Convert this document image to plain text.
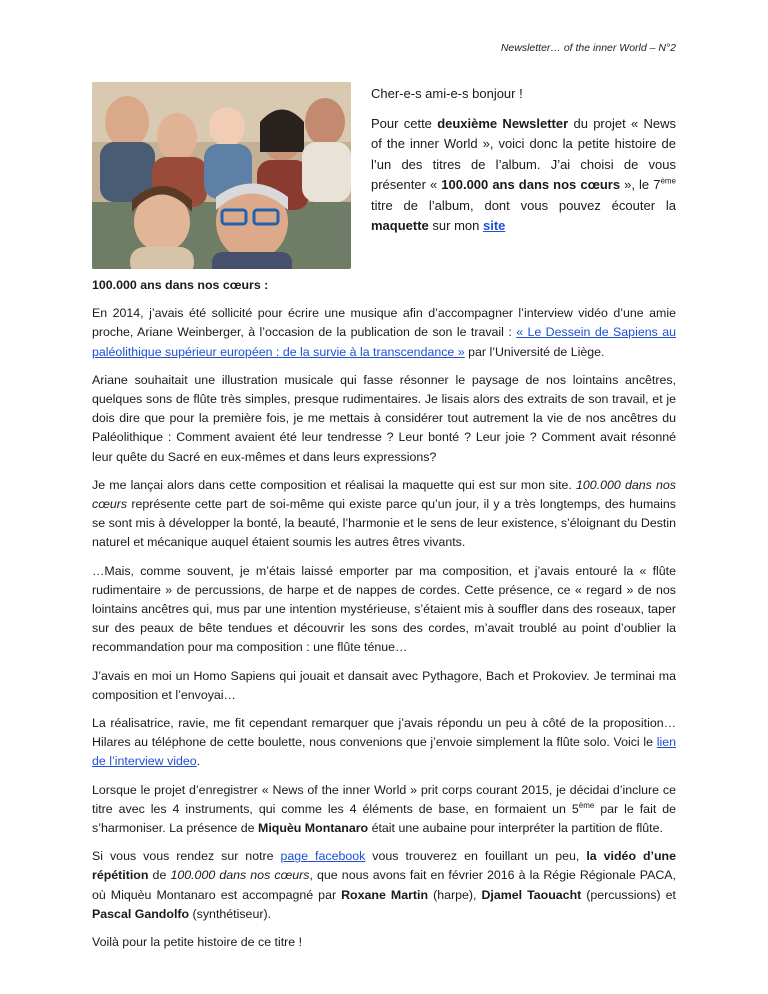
Newsletter… of the inner World – N°2

Cher-e-s ami-e-s bonjour !

Pour cette deuxième Newsletter du projet « News of the inner World », voici donc la petite histoire de l’un des titres de l’album. J’ai choisi de vous présenter « 100.000 ans dans nos cœurs », le 7ème titre de l’album, dont vous pouvez écouter la maquette sur mon site

100.000 ans dans nos cœurs :

En 2014, j’avais été sollicité pour écrire une musique afin d’accompagner l’interview vidéo d’une amie proche, Ariane Weinberger, à l’occasion de la publication de son le travail : « Le Dessein de Sapiens au paléolithique supérieur européen : de la survie à la transcendance » par l’Université de Liège.

Ariane souhaitait une illustration musicale qui fasse résonner le paysage de nos lointains ancêtres, quelques sons de flûte très simples, presque rudimentaires. Je lisais alors des extraits de son travail, et je dois dire que pour la première fois, je me mettais à considérer tout autrement la vie de nos ancêtres du Paléolithique : Comment avaient été leur tendresse ? Leur bonté ? Leur joie ? Comment avait résonné leur quête du Sacré en eux-mêmes et dans leurs expressions?

Je me lançai alors dans cette composition et réalisai la maquette qui est sur mon site. 100.000 dans nos cœurs représente cette part de soi-même qui existe parce qu’un jour, il y a très longtemps, des humains se sont mis à développer la bonté, la beauté, l’harmonie et le sens de leur existence, s’éloignant du Destin naturel et mécanique auquel étaient soumis les autres êtres vivants.

…Mais, comme souvent, je m’étais laissé emporter par ma composition, et j’avais entouré la « flûte rudimentaire » de percussions, de harpe et de nappes de cordes. Cette présence, ce « regard » de nos lointains ancêtres qui, mus par une intention mystérieuse, s’étaient mis à souffler dans des roseaux, taper sur des peaux de bête tendues et découvrir les sons des cordes, m’avait troublé au point d’oublier la recommandation pour ma composition : une flûte ténue…

J’avais en moi un Homo Sapiens qui jouait et dansait avec Pythagore, Bach et Prokoviev. Je terminai ma composition et l’envoyai…

La réalisatrice, ravie, me fit cependant remarquer que j’avais répondu un peu à côté de la proposition… Hilares au téléphone de cette boulette, nous convenions que j’envoie simplement la flûte solo. Voici le lien de l’interview video.

Lorsque le projet d’enregistrer « News of the inner World » prit corps courant 2015, je décidai d’inclure ce titre avec les 4 instruments, qui comme les 4 éléments de base, en formaient un 5ème par le fait de s’harmoniser. La présence de Miquèu Montanaro était une aubaine pour interpréter la partition de flûte.

Si vous vous rendez sur notre page facebook vous trouverez en fouillant un peu, la vidéo d’une répétition de 100.000 dans nos cœurs, que nous avons fait en février 2016 à la Régie Régionale PACA, où Miquèu Montanaro est accompagné par Roxane Martin (harpe), Djamel Taouacht (percussions) et Pascal Gandolfo (synthétiseur).

Voilà pour la petite histoire de ce titre !
